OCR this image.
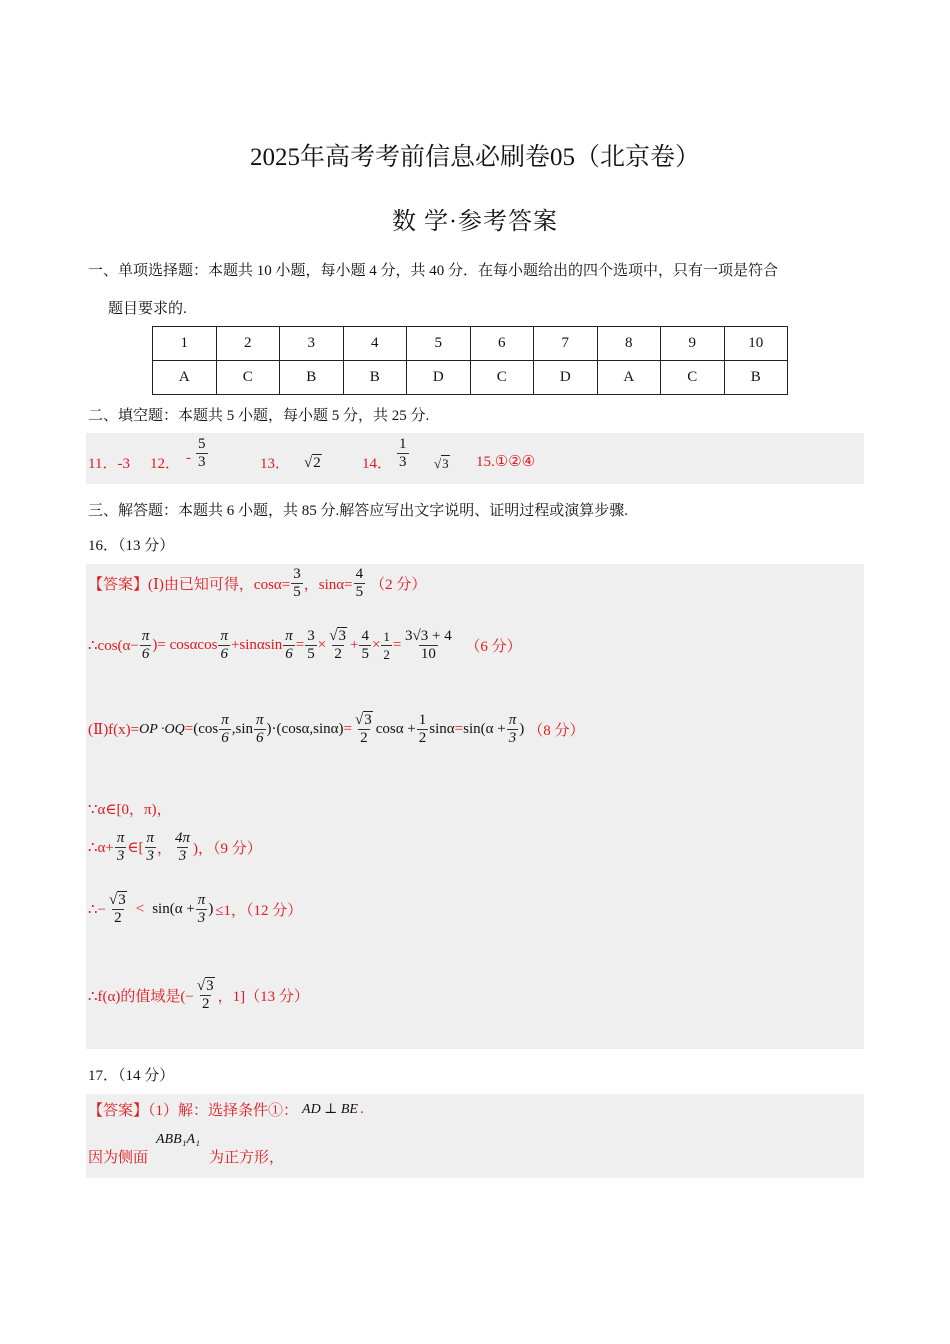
2025年高考考前信息必刷卷05（北京卷）
数 学·参考答案
一、单项选择题：本题共 10 小题，每小题 4 分，共 40 分．在每小题给出的四个选项中，只有一项是符合
题目要求的.
1	2	3	4	5	6	7	8	9	10
A	C	B	B	D	C	D	A	C	B
二、填空题：本题共 5 小题，每小题 5 分，共 25 分.
11．-3 12． - $\frac{5}{3}$	13． √2	14． $\frac{1}{3} √3$ 15.①②④
三、解答题：本题共 6 小题，共 85 分.解答应写出文字说明、证明过程或演算步骤.
16．（13 分）
【答案】(Ⅰ)由已知可得，$\cos\alpha= \frac{3}{5}$ ，$\sin\alpha= \frac{4}{5} (2$ 分）
∴cos(α− $\frac{\pi}{6}$ )= cosαcos $\frac{\pi}{6} +\sin\alpha\sin \frac{\pi}{6} = \frac{3}{5} \times \frac{√3}{2} + \frac{4}{5} \times \frac{1}{2} = \frac{3√3 + 4}{10} (6$ 分）
(Ⅱ)f(x)= OP $\cdot OQ = (\cos \frac{\pi}{6} ,\sin \frac{\pi}{6} )\cdot(\cos\alpha,\sin\alpha) = \frac{√3}{2}$ $\cos\alpha + \frac{1}{2}$ $\sin\alpha = \sin(\alpha + \frac{\pi}{3}$ ) （8 分）
∵α∈[0，π)，
∴α+ $\frac{\pi}{3}$ ∈[ $\frac{\pi}{3}$ ， $\frac{4\pi}{3}$ )，（9 分）
∴− $\frac{√3}{2} < \sin(\alpha + \frac{\pi}{3}$ ) ≤1，（12 分）
∴f(α)的值域是(− $\frac{√3}{2}$ ，1]（13 分）
17．（14 分）
【答案】（1）解：选择条件①： AD ⊥ BE .
因为侧面
ABB₁A₁
为正方形，
